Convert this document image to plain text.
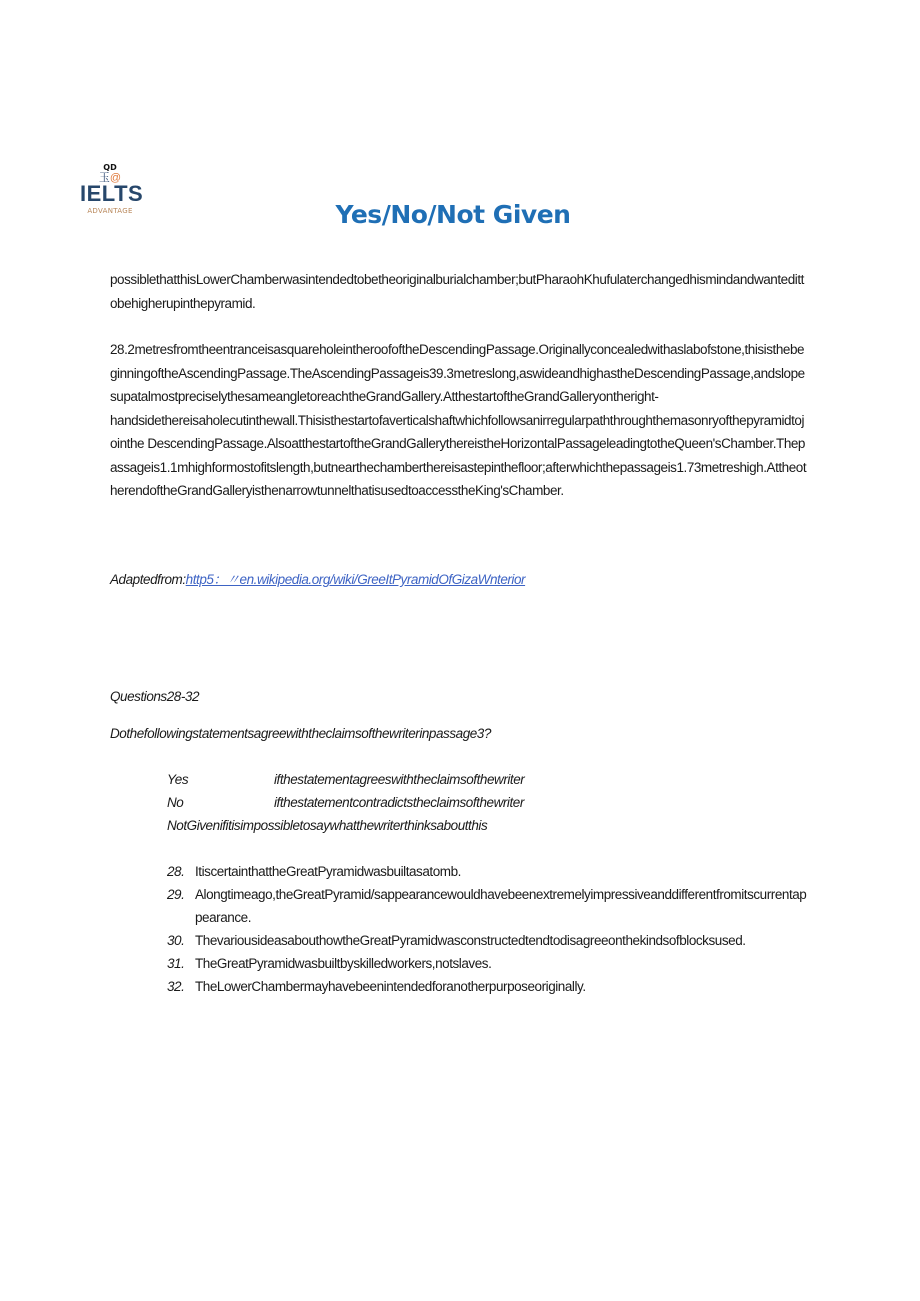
QD
玉@
IELTS
ADVANTAGE	Yes/No/Not Given
possiblethatthisLowerChamberwasintendedtobetheoriginalburialchamber;butPharaohKhufulaterchangedhismindandwantedittobehigherupinthepyramid.
28.2metresfromtheentranceisasquareholeintheroofoftheDescendingPassage.Originallyconcealedwithaslabofstone,thisisthebeginningoftheAscendingPassage.TheAscendingPassageis39.3metreslong,aswideandhighastheDescendingPassage,andslopesupatalmostpreciselythesameangletoreachtheGrandGallery.AtthestartoftheGrandGalleryontheright-
handsidethereisaholecutinthewall.Thisisthestartofaverticalshaftwhichfollowsanirregularpaththroughthemasonryofthepyramidtojointhe DescendingPassage.AlsoatthestartoftheGrandGallerythereistheHorizontalPassageleadingtotheQueen'sChamber.Thepassageis1.1mhighformostofitslength,butnearthechamberthereisastepinthefloor;afterwhichthepassageis1.73metreshigh.AttheotherendoftheGrandGalleryisthenarrowtunnelthatisusedtoaccesstheKing'sChamber.
Adaptedfrom:http5：〃en.wikipedia.org/wiki/GreeItPyramidOfGizaWnterior
Questions28-32
Dothefollowingstatementsagreewiththeclaimsofthewriterinpassage3?
Yes	ifthestatementagreeswiththeclaimsofthewriter
No	ifthestatementcontradictstheclaimsofthewriter
NotGiven ifitisimpossibletosaywhatthewriterthinksaboutthis
28. ItiscertainthattheGreatPyramidwasbuiltasatomb.
29. Alongtimeago,theGreatPyramid/sappearancewouldhavebeenextremelyimpressiveanddifferentfromitscurrentappearance.
30. ThevariousideasabouthowtheGreatPyramidwasconstructedtendtodisagreeonthekindsofblocksused.
31. TheGreatPyramidwasbuiltbyskilledworkers,notslaves.
32. TheLowerChambermayhavebeenintendedforanotherpurposeoriginally.
